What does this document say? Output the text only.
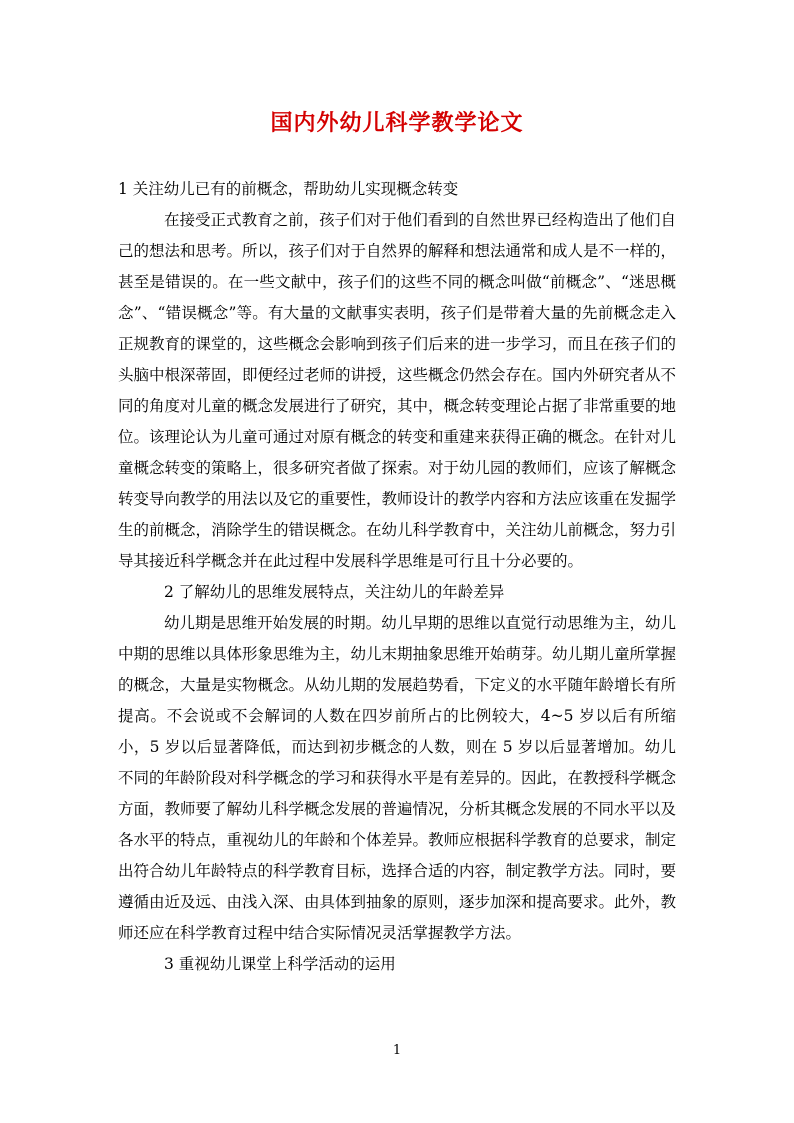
国内外幼儿科学教学论文

1 关注幼儿已有的前概念，帮助幼儿实现概念转变

在接受正式教育之前，孩子们对于他们看到的自然世界已经构造出了他们自己的想法和思考。所以，孩子们对于自然界的解释和想法通常和成人是不一样的，甚至是错误的。在一些文献中，孩子们的这些不同的概念叫做“前概念”、“迷思概念”、“错误概念”等。有大量的文献事实表明，孩子们是带着大量的先前概念走入正规教育的课堂的，这些概念会影响到孩子们后来的进一步学习，而且在孩子们的头脑中根深蒂固，即便经过老师的讲授，这些概念仍然会存在。国内外研究者从不同的角度对儿童的概念发展进行了研究，其中，概念转变理论占据了非常重要的地位。该理论认为儿童可通过对原有概念的转变和重建来获得正确的概念。在针对儿童概念转变的策略上，很多研究者做了探索。对于幼儿园的教师们，应该了解概念转变导向教学的用法以及它的重要性，教师设计的教学内容和方法应该重在发掘学生的前概念，消除学生的错误概念。在幼儿科学教育中，关注幼儿前概念，努力引导其接近科学概念并在此过程中发展科学思维是可行且十分必要的。

2 了解幼儿的思维发展特点，关注幼儿的年龄差异

幼儿期是思维开始发展的时期。幼儿早期的思维以直觉行动思维为主，幼儿中期的思维以具体形象思维为主，幼儿末期抽象思维开始萌芽。幼儿期儿童所掌握的概念，大量是实物概念。从幼儿期的发展趋势看，下定义的水平随年龄增长有所提高。不会说或不会解词的人数在四岁前所占的比例较大，4~5 岁以后有所缩小，5 岁以后显著降低，而达到初步概念的人数，则在 5 岁以后显著增加。幼儿不同的年龄阶段对科学概念的学习和获得水平是有差异的。因此，在教授科学概念方面，教师要了解幼儿科学概念发展的普遍情况，分析其概念发展的不同水平以及各水平的特点，重视幼儿的年龄和个体差异。教师应根据科学教育的总要求，制定出符合幼儿年龄特点的科学教育目标，选择合适的内容，制定教学方法。同时，要遵循由近及远、由浅入深、由具体到抽象的原则，逐步加深和提高要求。此外，教师还应在科学教育过程中结合实际情况灵活掌握教学方法。

3 重视幼儿课堂上科学活动的运用

1
